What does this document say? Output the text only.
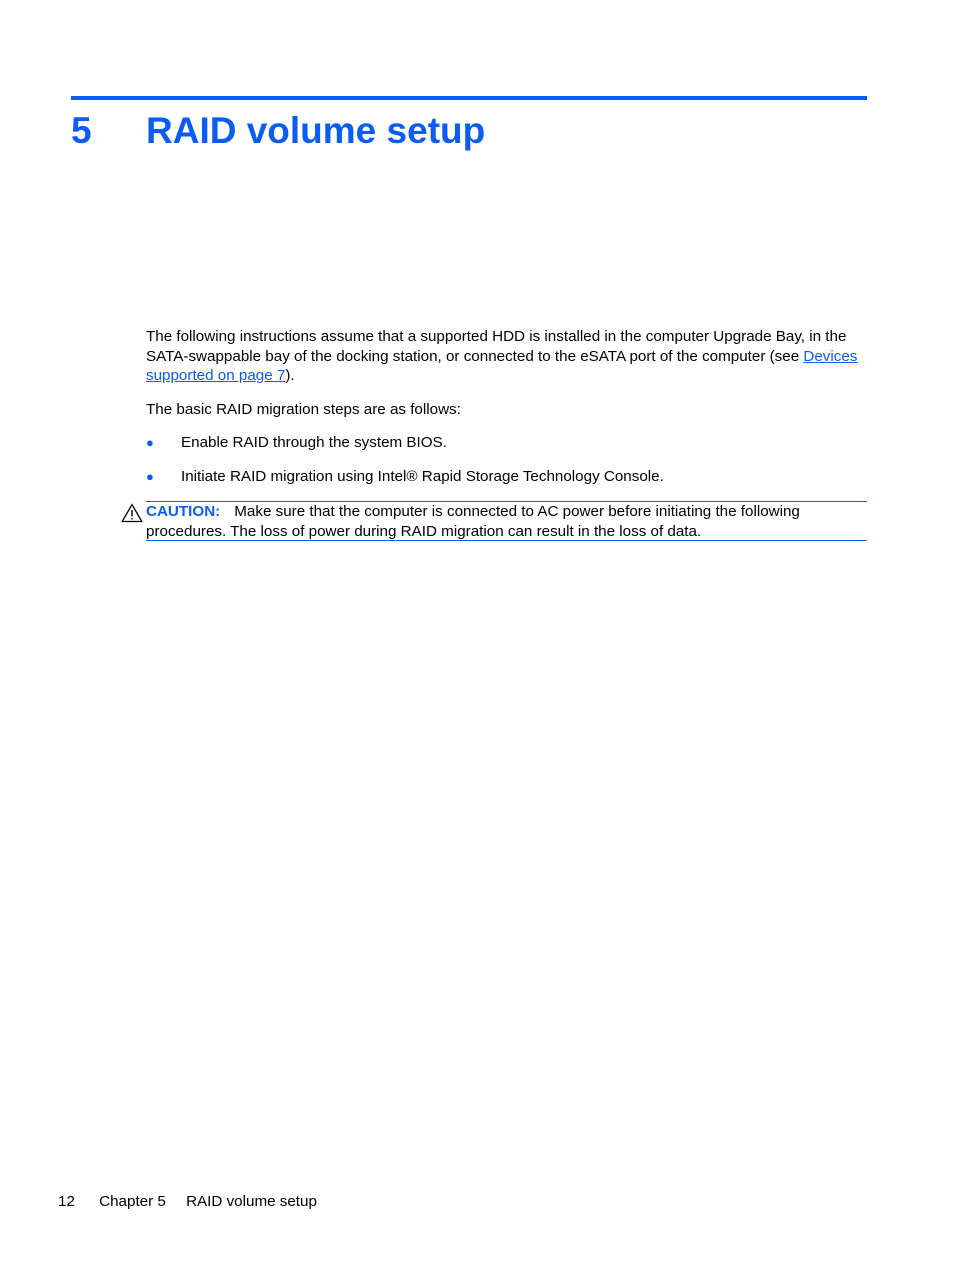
5 RAID volume setup

The following instructions assume that a supported HDD is installed in the computer Upgrade Bay, in the SATA-swappable bay of the docking station, or connected to the eSATA port of the computer (see Devices supported on page 7).

The basic RAID migration steps are as follows:

● Enable RAID through the system BIOS.
● Initiate RAID migration using Intel® Rapid Storage Technology Console.

CAUTION: Make sure that the computer is connected to AC power before initiating the following procedures. The loss of power during RAID migration can result in the loss of data.

12 Chapter 5 RAID volume setup
